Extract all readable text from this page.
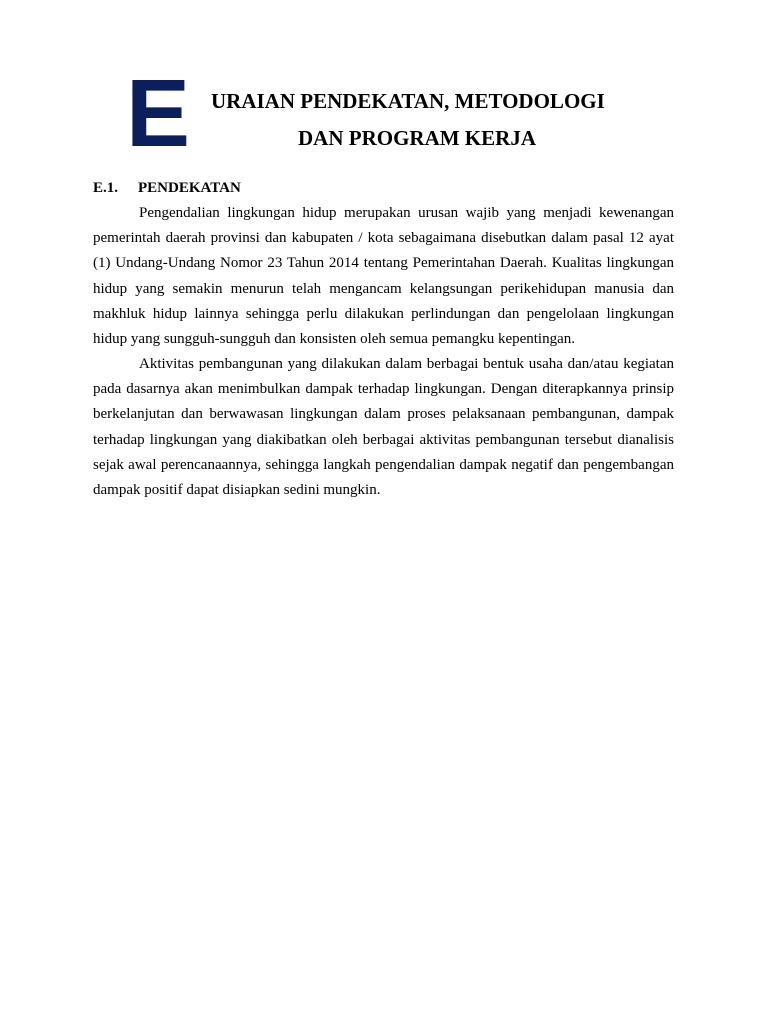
E URAIAN PENDEKATAN, METODOLOGI
DAN PROGRAM KERJA
E.1. PENDEKATAN

Pengendalian lingkungan hidup merupakan urusan wajib yang menjadi kewenangan pemerintah daerah provinsi dan kabupaten / kota sebagaimana disebutkan dalam pasal 12 ayat (1) Undang-Undang Nomor 23 Tahun 2014 tentang Pemerintahan Daerah. Kualitas lingkungan hidup yang semakin menurun telah mengancam kelangsungan perikehidupan manusia dan makhluk hidup lainnya sehingga perlu dilakukan perlindungan dan pengelolaan lingkungan hidup yang sungguh-sungguh dan konsisten oleh semua pemangku kepentingan.

Aktivitas pembangunan yang dilakukan dalam berbagai bentuk usaha dan/atau kegiatan pada dasarnya akan menimbulkan dampak terhadap lingkungan. Dengan diterapkannya prinsip berkelanjutan dan berwawasan lingkungan dalam proses pelaksanaan pembangunan, dampak terhadap lingkungan yang diakibatkan oleh berbagai aktivitas pembangunan tersebut dianalisis sejak awal perencanaannya, sehingga langkah pengendalian dampak negatif dan pengembangan dampak positif dapat disiapkan sedini mungkin.
